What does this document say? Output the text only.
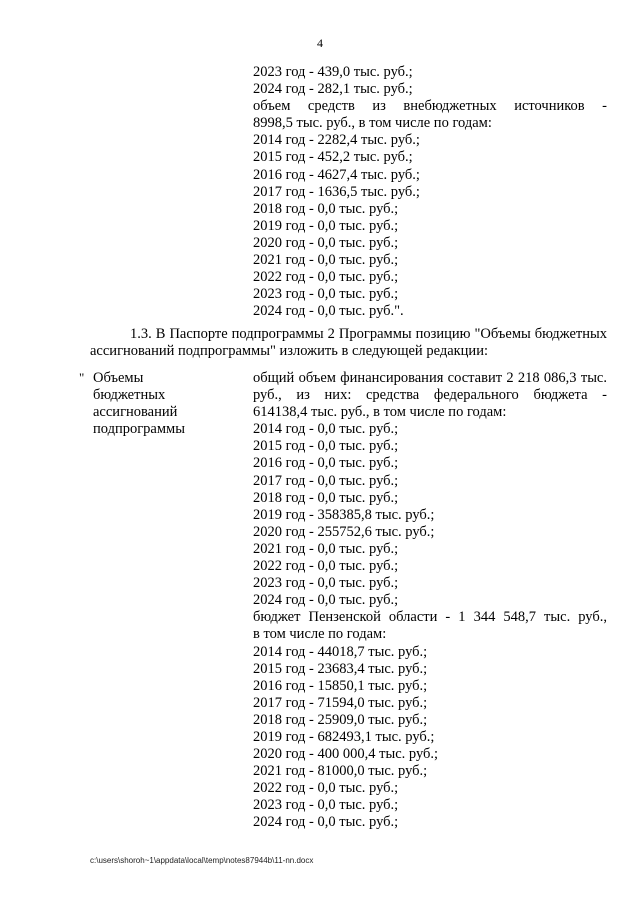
4
2023 год - 439,0 тыс. руб.;
2024 год - 282,1 тыс. руб.;
объем средств из внебюджетных источников -
8998,5 тыс. руб., в том числе по годам:
2014 год - 2282,4 тыс. руб.;
2015 год - 452,2 тыс. руб.;
2016 год - 4627,4 тыс. руб.;
2017 год - 1636,5 тыс. руб.;
2018 год - 0,0 тыс. руб.;
2019 год - 0,0 тыс. руб.;
2020 год - 0,0 тыс. руб.;
2021 год - 0,0 тыс. руб.;
2022 год - 0,0 тыс. руб.;
2023 год - 0,0 тыс. руб.;
2024 год - 0,0 тыс. руб.".
1.3. В Паспорте подпрограммы 2 Программы позицию "Объемы бюджетных ассигнований подпрограммы" изложить в следующей редакции:
" Объемы
бюджетных
ассигнований
подпрограммы
общий объем финансирования составит 2 218 086,3 тыс.
руб., из них: средства федерального бюджета -
614138,4 тыс. руб., в том числе по годам:
2014 год - 0,0 тыс. руб.;
2015 год - 0,0 тыс. руб.;
2016 год - 0,0 тыс. руб.;
2017 год - 0,0 тыс. руб.;
2018 год - 0,0 тыс. руб.;
2019 год - 358385,8 тыс. руб.;
2020 год - 255752,6 тыс. руб.;
2021 год - 0,0 тыс. руб.;
2022 год - 0,0 тыс. руб.;
2023 год - 0,0 тыс. руб.;
2024 год - 0,0 тыс. руб.;
бюджет Пензенской области - 1 344 548,7 тыс. руб.,
в том числе по годам:
2014 год - 44018,7 тыс. руб.;
2015 год - 23683,4 тыс. руб.;
2016 год - 15850,1 тыс. руб.;
2017 год - 71594,0 тыс. руб.;
2018 год - 25909,0 тыс. руб.;
2019 год - 682493,1 тыс. руб.;
2020 год - 400 000,4 тыс. руб.;
2021 год - 81000,0 тыс. руб.;
2022 год - 0,0 тыс. руб.;
2023 год - 0,0 тыс. руб.;
2024 год - 0,0 тыс. руб.;
c:\users\shoroh~1\appdata\local\temp\notes87944b\11-nn.docx
